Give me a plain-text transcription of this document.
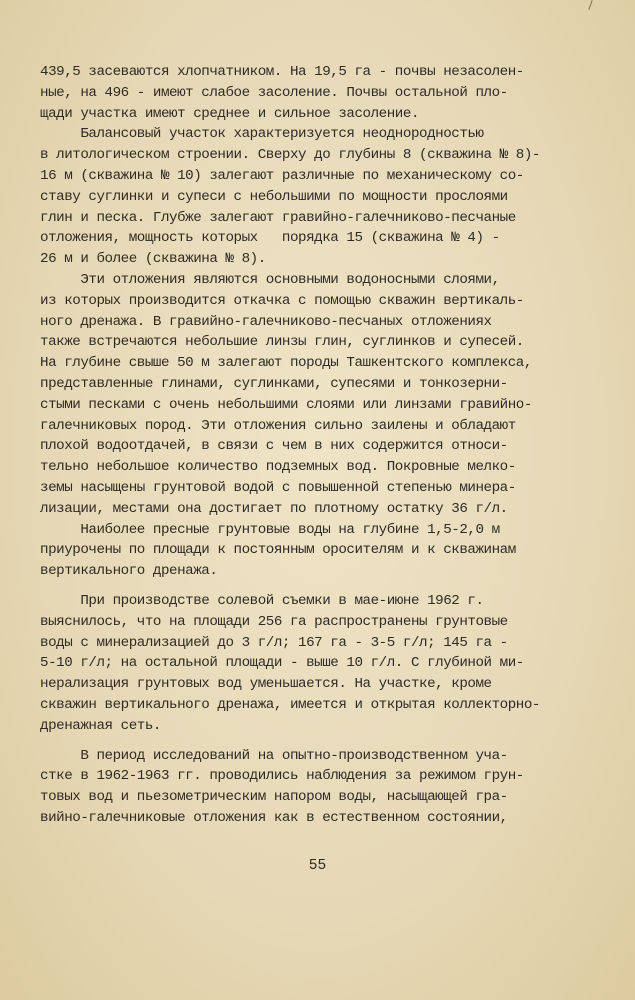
439,5 засеваются хлопчатником. На 19,5 га - почвы незасолен-
ные, на 496 - имеют слабое засоление. Почвы остальной пло-
щади участка имеют среднее и сильное засоление.
Балансовый участок характеризуется неоднородностью
в литологическом строении. Сверху до глубины 8 (скважина № 8)-
16 м (скважина № 10) залегают различные по механическому со-
ставу суглинки и супеси с небольшими по мощности прослоями
глин и песка. Глубже залегают гравийно-галечниково-песчаные
отложения, мощность которых   порядка 15 (скважина № 4) -
26 м и более (скважина № 8).
Эти отложения являются основными водоносными слоями,
из которых производится откачка с помощью скважин вертикаль-
ного дренажа. В гравийно-галечниково-песчаных отложениях
также встречаются небольшие линзы глин, суглинков и супесей.
На глубине свыше 50 м залегают породы Ташкентского комплекса,
представленные глинами, суглинками, супесями и тонкозерни-
стыми песками с очень небольшими слоями или линзами гравийно-
галечниковых пород. Эти отложения сильно заилены и обладают
плохой водоотдачей, в связи с чем в них содержится относи-
тельно небольшое количество подземных вод. Покровные мелко-
земы насыщены грунтовой водой с повышенной степенью минера-
лизации, местами она достигает по плотному остатку 36 г/л.
Наиболее пресные грунтовые воды на глубине 1,5-2,0 м
приурочены по площади к постоянным оросителям и к скважинам
вертикального дренажа.
При производстве солевой съемки в мае-июне 1962 г.
выяснилось, что на площади 256 га распространены грунтовые
воды с минерализацией до 3 г/л; 167 га - 3-5 г/л; 145 га -
5-10 г/л; на остальной площади - выше 10 г/л. С глубиной ми-
нерализация грунтовых вод уменьшается. На участке, кроме
скважин вертикального дренажа, имеется и открытая коллекторно-
дренажная сеть.
В период исследований на опытно-производственном уча-
стке в 1962-1963 гг. проводились наблюдения за режимом грун-
товых вод и пьезометрическим напором воды, насыщающей гра-
вийно-галечниковые отложения как в естественном состоянии,
55
